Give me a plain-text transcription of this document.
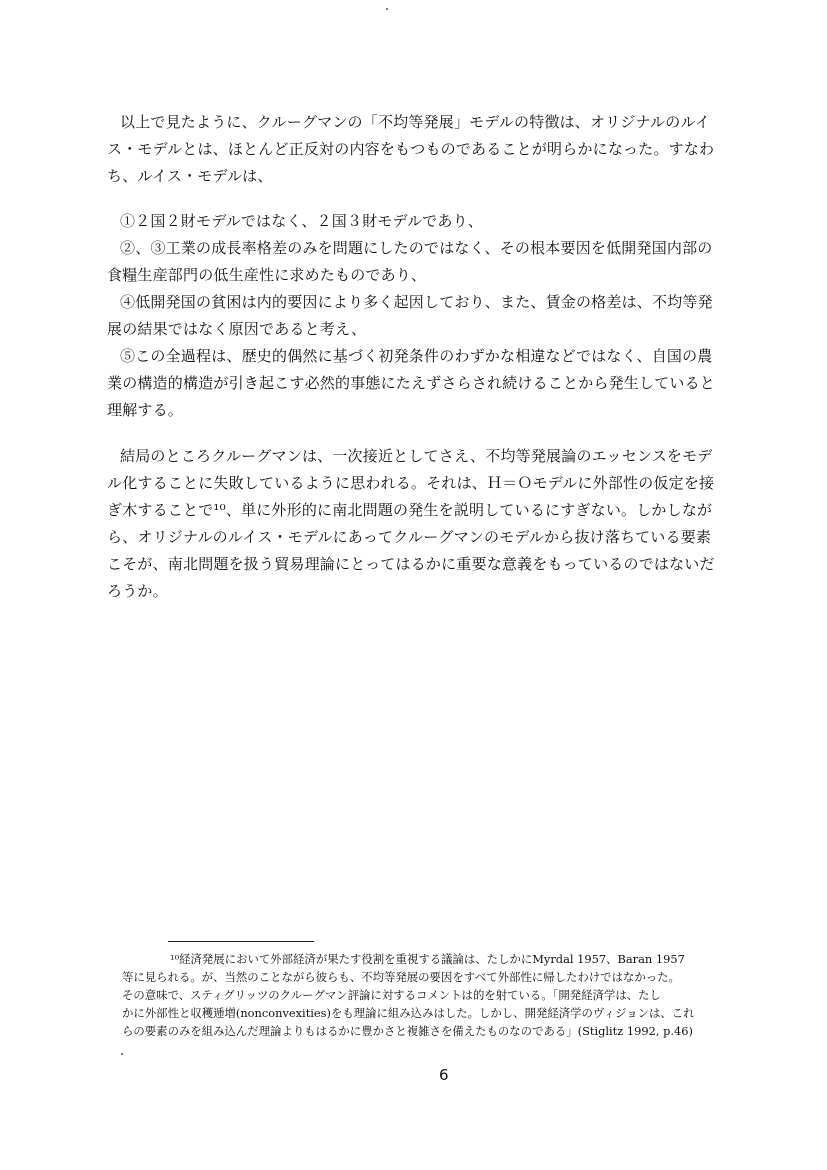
以上で見たように、クルーグマンの「不均等発展」モデルの特徴は、オリジナルのルイ
ス・モデルとは、ほとんど正反対の内容をもつものであることが明らかになった。すなわ
ち、ルイス・モデルは、
①２国２財モデルではなく、２国３財モデルであり、
②、③工業の成長率格差のみを問題にしたのではなく、その根本要因を低開発国内部の
食糧生産部門の低生産性に求めたものであり、
④低開発国の貧困は内的要因により多く起因しており、また、賃金の格差は、不均等発
展の結果ではなく原因であると考え、
⑤この全過程は、歴史的偶然に基づく初発条件のわずかな相違などではなく、自国の農
業の構造的構造が引き起こす必然的事態にたえずさらされ続けることから発生していると
理解する。
結局のところクルーグマンは、一次接近としてさえ、不均等発展論のエッセンスをモデ
ル化することに失敗しているように思われる。それは、Ｈ＝Ｏモデルに外部性の仮定を接
ぎ木することで¹⁰、単に外形的に南北問題の発生を説明しているにすぎない。しかしなが
ら、オリジナルのルイス・モデルにあってクルーグマンのモデルから抜け落ちている要素
こそが、南北問題を扱う貿易理論にとってはるかに重要な意義をもっているのではないだ
ろうか。
¹⁰経済発展において外部経済が果たす役割を重視する議論は、たしかにMyrdal 1957、Baran 1957
等に見られる。が、当然のことながら彼らも、不均等発展の要因をすべて外部性に帰したわけではなかった。
その意味で、スティグリッツのクルーグマン評論に対するコメントは的を射ている。「開発経済学は、たし
かに外部性と収穫逓増(nonconvexities)をも理論に組み込みはした。しかし、開発経済学のヴィジョンは、これ
らの要素のみを組み込んだ理論よりもはるかに豊かさと複雑さを備えたものなのである」(Stiglitz 1992, p.46)
6
